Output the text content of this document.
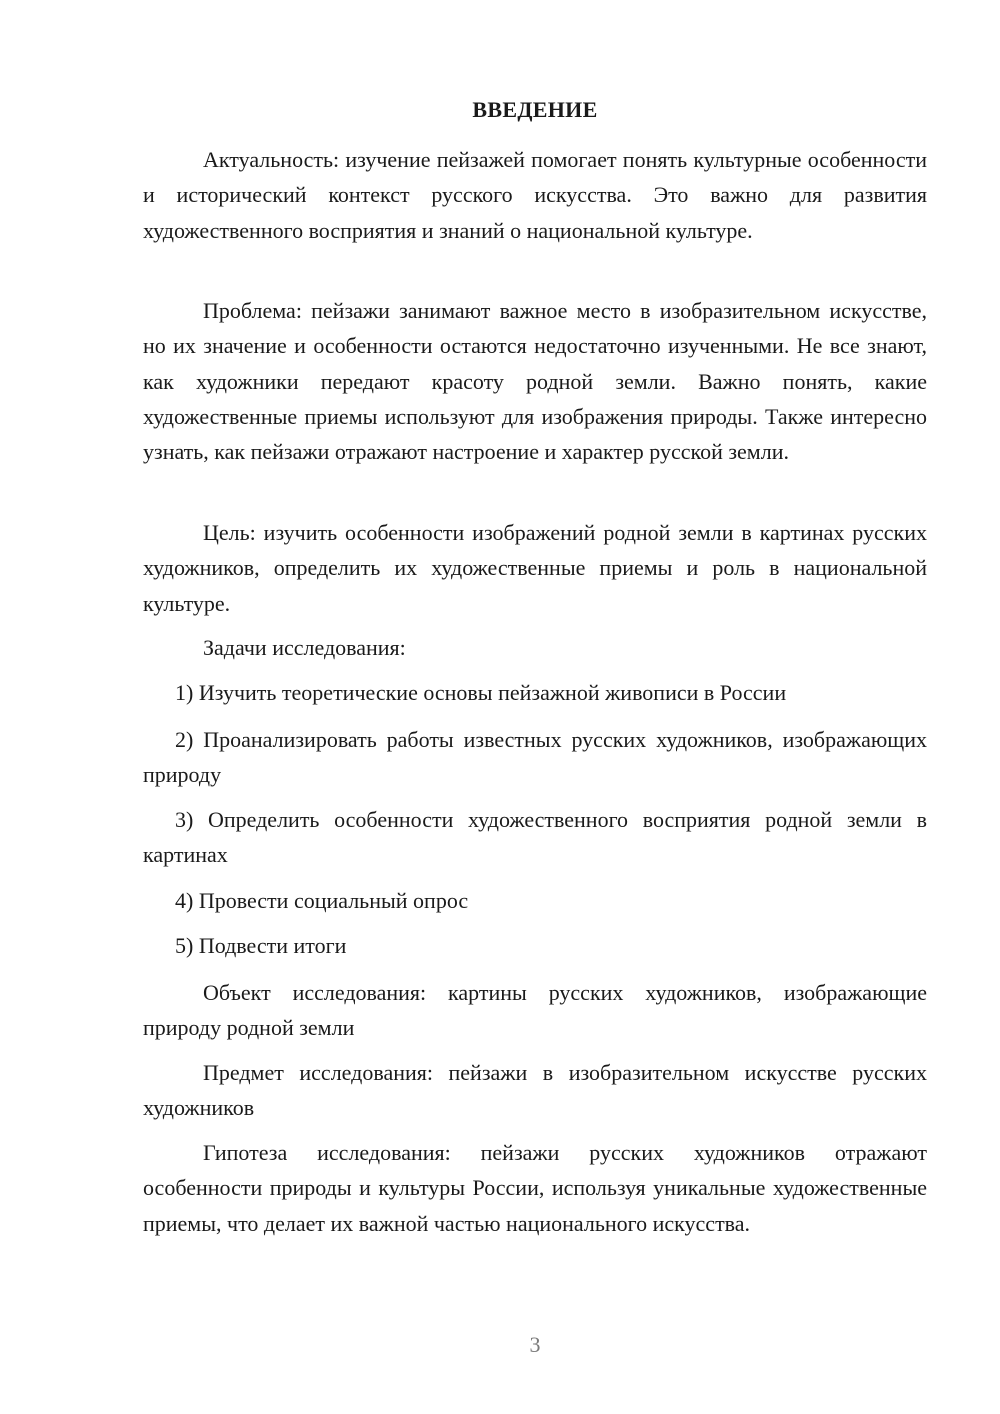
ВВЕДЕНИЕ

Актуальность: изучение пейзажей помогает понять культурные особенности и исторический контекст русского искусства. Это важно для развития художественного восприятия и знаний о национальной культуре.

Проблема: пейзажи занимают важное место в изобразительном искусстве, но их значение и особенности остаются недостаточно изученными. Не все знают, как художники передают красоту родной земли. Важно понять, какие художественные приемы используют для изображения природы. Также интересно узнать, как пейзажи отражают настроение и характер русской земли.

Цель: изучить особенности изображений родной земли в картинах русских художников, определить их художественные приемы и роль в национальной культуре.

Задачи исследования:

1) Изучить теоретические основы пейзажной живописи в России

2) Проанализировать работы известных русских художников, изображающих природу

3) Определить особенности художественного восприятия родной земли в картинах

4) Провести социальный опрос

5) Подвести итоги

Объект исследования: картины русских художников, изображающие природу родной земли

Предмет исследования: пейзажи в изобразительном искусстве русских художников

Гипотеза исследования: пейзажи русских художников отражают особенности природы и культуры России, используя уникальные художественные приемы, что делает их важной частью национального искусства.

3
